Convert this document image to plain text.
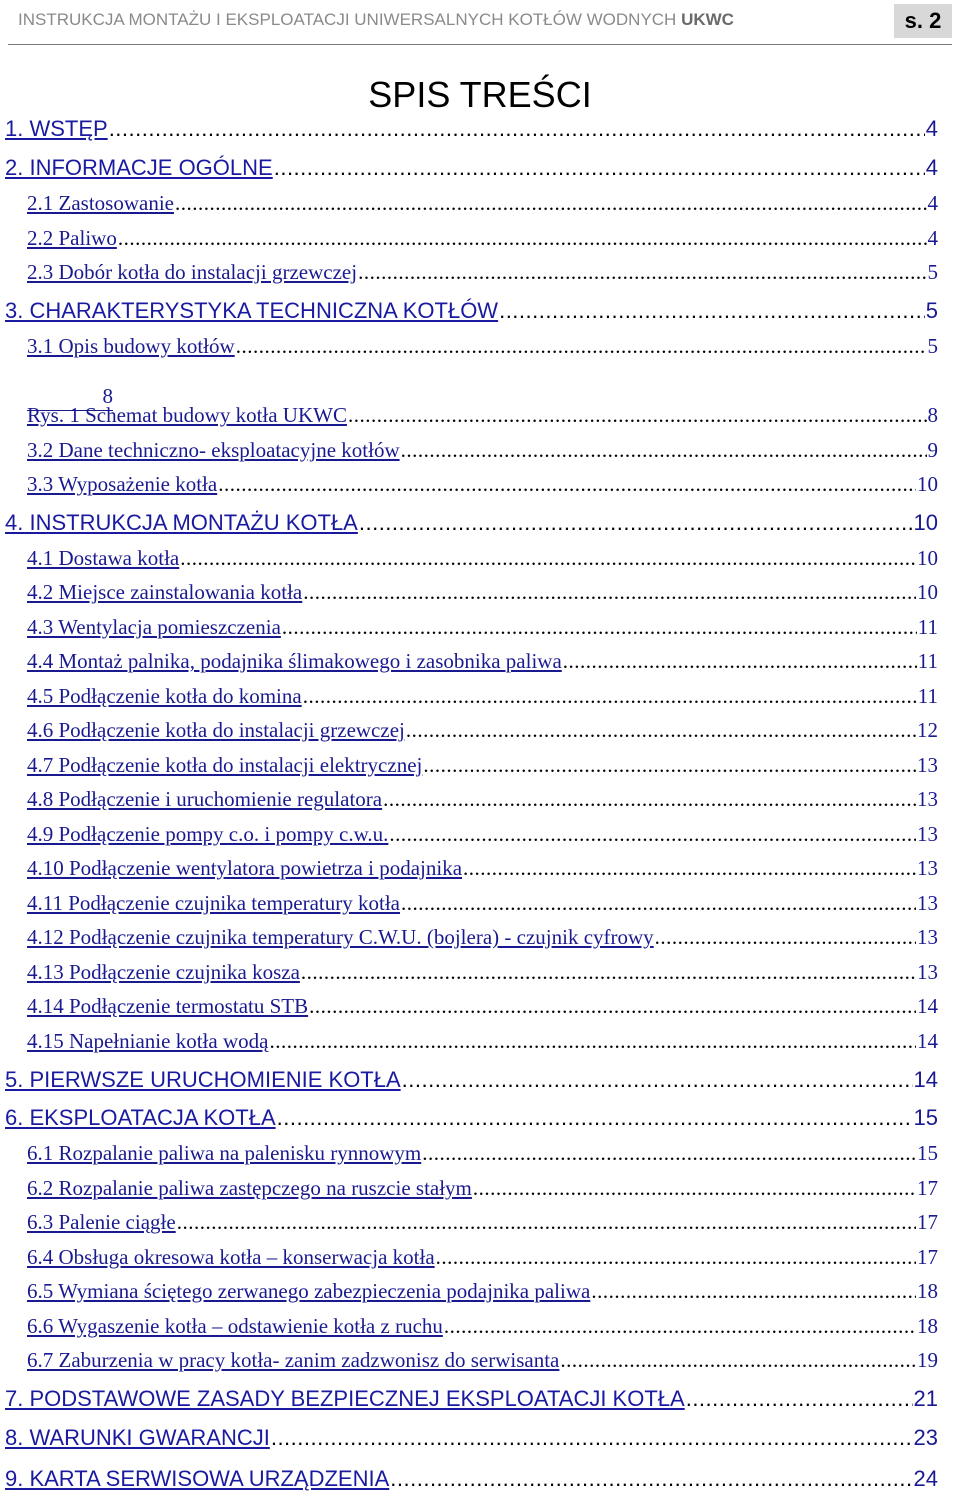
INSTRUKCJA MONTAŻU I EKSPLOATACJI UNIWERSALNYCH KOTŁÓW WODNYCH UKWC	s. 2
SPIS TREŚCI
8
1. WSTĘP .....	4
2. INFORMACJE OGÓLNE .....	4
2.1 Zastosowanie .....	4
2.2 Paliwo .....	4
2.3 Dobór kotła do instalacji grzewczej .....	5
3. CHARAKTERYSTYKA TECHNICZNA KOTŁÓW .....	5
3.1 Opis budowy kotłów .....	5
Rys. 1 Schemat budowy kotła UKWC .....	8
3.2 Dane techniczno- eksploatacyjne kotłów .....	9
3.3 Wyposażenie kotła .....	10
4. INSTRUKCJA MONTAŻU KOTŁA .....	10
4.1 Dostawa kotła .....	10
4.2 Miejsce zainstalowania kotła .....	10
4.3 Wentylacja pomieszczenia .....	11
4.4 Montaż palnika, podajnika ślimakowego i zasobnika paliwa .....	11
4.5 Podłączenie kotła do komina .....	11
4.6 Podłączenie kotła do instalacji grzewczej .....	12
4.7 Podłączenie kotła do instalacji elektrycznej .....	13
4.8 Podłączenie i uruchomienie regulatora .....	13
4.9 Podłączenie pompy c.o. i pompy c.w.u. .....	13
4.10 Podłączenie wentylatora powietrza i podajnika .....	13
4.11 Podłączenie czujnika temperatury kotła .....	13
4.12 Podłączenie czujnika temperatury C.W.U. (bojlera) - czujnik cyfrowy .....	13
4.13 Podłączenie czujnika kosza .....	13
4.14 Podłączenie termostatu STB .....	14
4.15 Napełnianie kotła wodą .....	14
5. PIERWSZE URUCHOMIENIE KOTŁA .....	14
6. EKSPLOATACJA KOTŁA .....	15
6.1 Rozpalanie paliwa na palenisku rynnowym .....	15
6.2 Rozpalanie paliwa zastępczego na ruszcie stałym .....	17
6.3 Palenie ciągłe .....	17
6.4 Obsługa okresowa kotła – konserwacja kotła .....	17
6.5 Wymiana ściętego zerwanego zabezpieczenia podajnika paliwa .....	18
6.6 Wygaszenie kotła – odstawienie kotła z ruchu .....	18
6.7 Zaburzenia w pracy kotła- zanim zadzwonisz do serwisanta .....	19
7. PODSTAWOWE ZASADY BEZPIECZNEJ EKSPLOATACJI KOTŁA .....	21
8. WARUNKI GWARANCJI .....	23
9. KARTA SERWISOWA URZĄDZENIA .....	24
